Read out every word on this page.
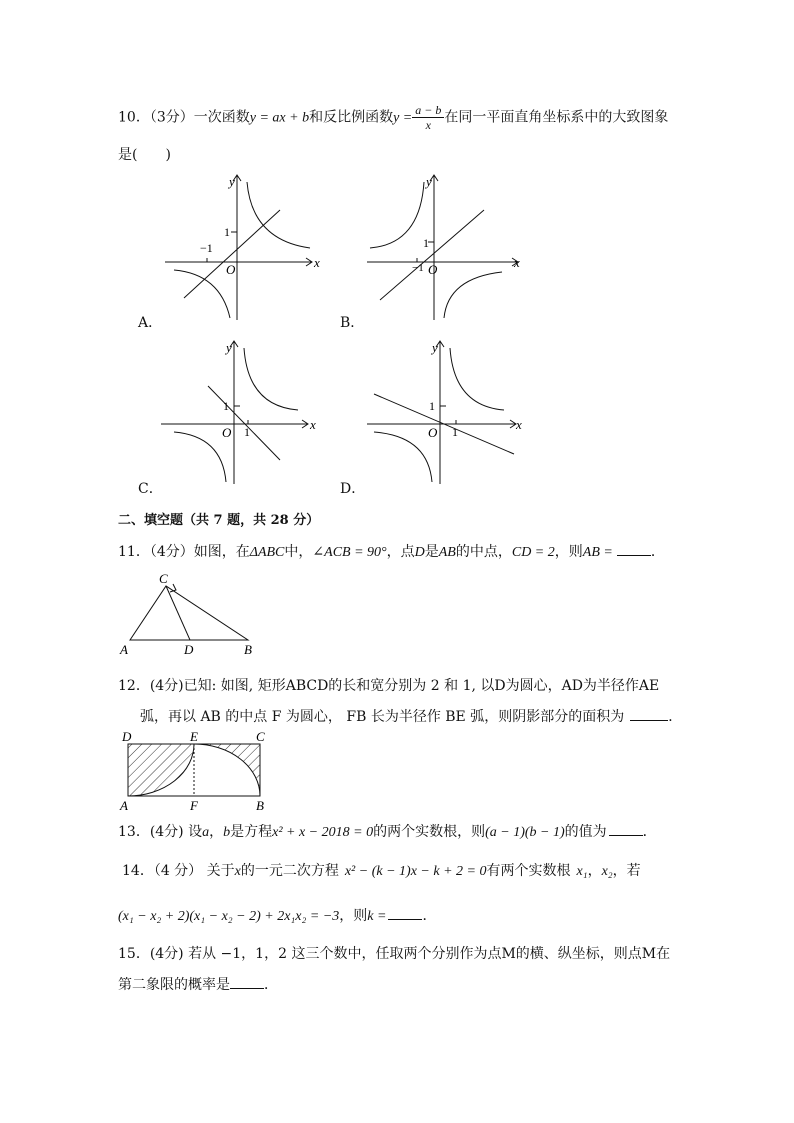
10．（3分）一次函数y = ax + b和反比例函数$y = \frac{a - b}{x}$ 在同一平面直角坐标系中的大致图象
是(　　)
y
x
O
1
−1
A．
y
x
O
1
−1
B．
y
x
O
1
1
C．
y
x
O
1
1
D．
二、填空题（共 7 题，共 28 分）
11．（4分）如图，在ΔABC中，∠ACB = 90°，点D是AB的中点，CD = 2，则AB =	．
C
A	D	B
12．(4分)已知: 如图, 矩形ABCD的长和宽分别为 2 和 1, 以D为圆心，AD为半径作AE
弧，再以 AB 的中点 F 为圆心， FB 长为半径作 BE 弧，则阴影部分的面积为	．
D	E	C
A	F	B
13．(4分) 设a，b是方程x² + x − 2018 = 0的两个实数根，则(a − 1)(b − 1)的值为	．
14．（4 分） 关于x的一元二次方程 x² − (k − 1)x − k + 2 = 0有两个实数根 x₁，x₂，若
(x₁ − x₂ + 2)(x₁ − x₂ − 2) + 2x₁x₂ = −3，则k =	．
15．(4分) 若从 −1，1，2 这三个数中，任取两个分别作为点M的横、纵坐标，则点M在
第二象限的概率是 ．
